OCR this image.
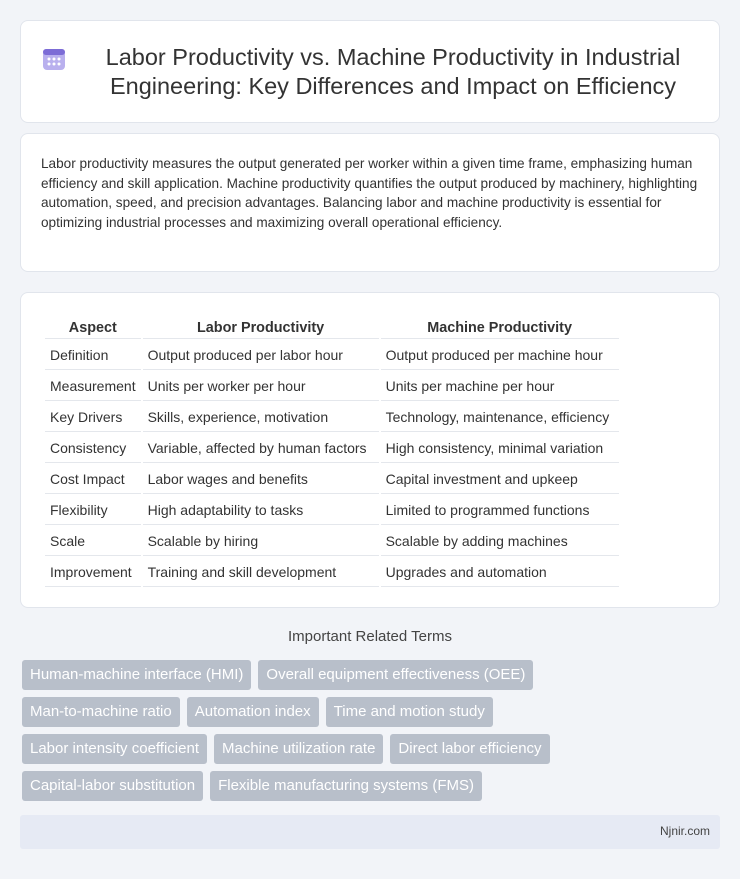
Labor Productivity vs. Machine Productivity in Industrial Engineering: Key Differences and Impact on Efficiency

Labor productivity measures the output generated per worker within a given time frame, emphasizing human efficiency and skill application. Machine productivity quantifies the output produced by machinery, highlighting automation, speed, and precision advantages. Balancing labor and machine productivity is essential for optimizing industrial processes and maximizing overall operational efficiency.

Aspect	Labor Productivity	Machine Productivity
Definition	Output produced per labor hour	Output produced per machine hour
Measurement	Units per worker per hour	Units per machine per hour
Key Drivers	Skills, experience, motivation	Technology, maintenance, efficiency
Consistency	Variable, affected by human factors	High consistency, minimal variation
Cost Impact	Labor wages and benefits	Capital investment and upkeep
Flexibility	High adaptability to tasks	Limited to programmed functions
Scale	Scalable by hiring	Scalable by adding machines
Improvement	Training and skill development	Upgrades and automation
Important Related Terms
Human-machine interface (HMI)	Overall equipment effectiveness (OEE)
Man-to-machine ratio	Automation index	Time and motion study
Labor intensity coefficient	Machine utilization rate	Direct labor efficiency
Capital-labor substitution	Flexible manufacturing systems (FMS)
Njnir.com
